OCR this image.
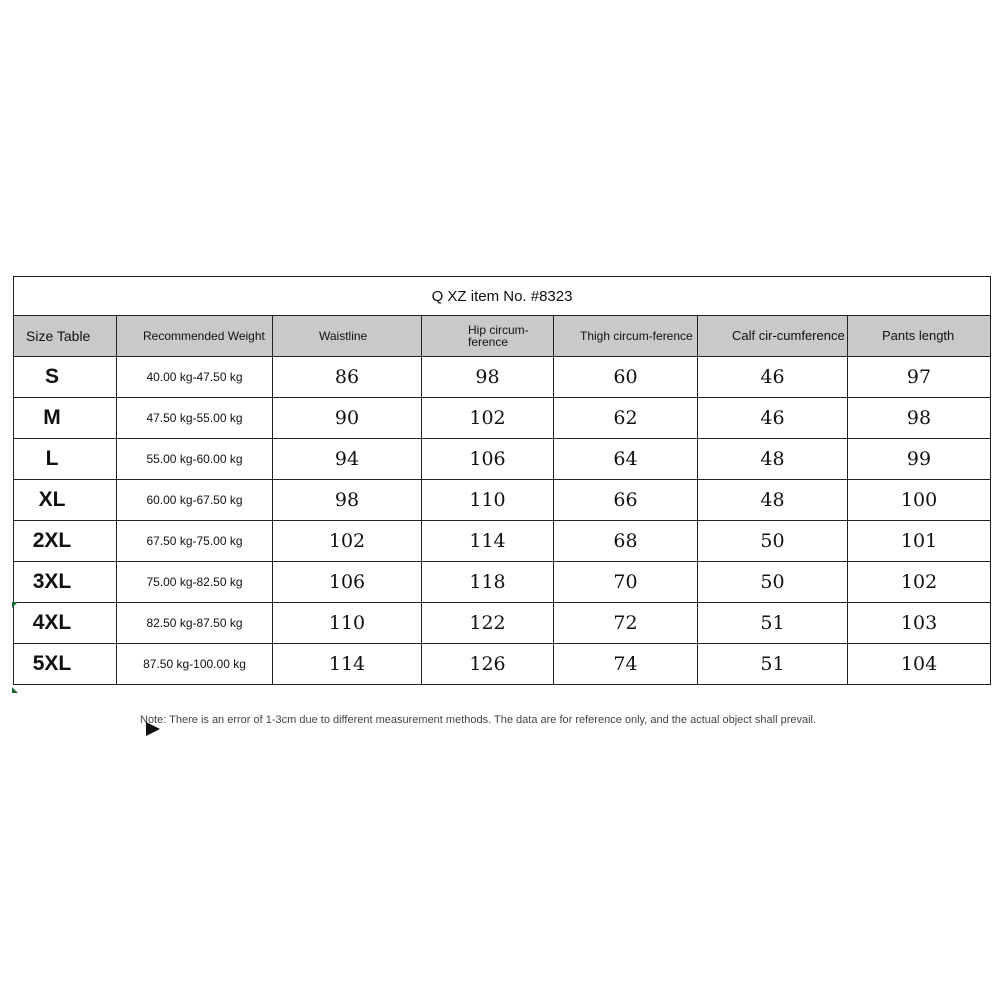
Q XZ item No. #8323						
Size Table	Recommended Weight	Waistline	Hip circum-ference	Thigh circum-ference	Calf cir-cumference	Pants length
S	40.00 kg-47.50 kg	86	98	60	46	97
M	47.50 kg-55.00 kg	90	102	62	46	98
L	55.00 kg-60.00 kg	94	106	64	48	99
XL	60.00 kg-67.50 kg	98	110	66	48	100
2XL	67.50 kg-75.00 kg	102	114	68	50	101
3XL	75.00 kg-82.50 kg	106	118	70	50	102
4XL	82.50 kg-87.50 kg	110	122	72	51	103
5XL	87.50 kg-100.00 kg	114	126	74	51	104
Note: There is an error of 1-3cm due to different measurement methods. The data are for reference only, and the actual object shall prevail.
